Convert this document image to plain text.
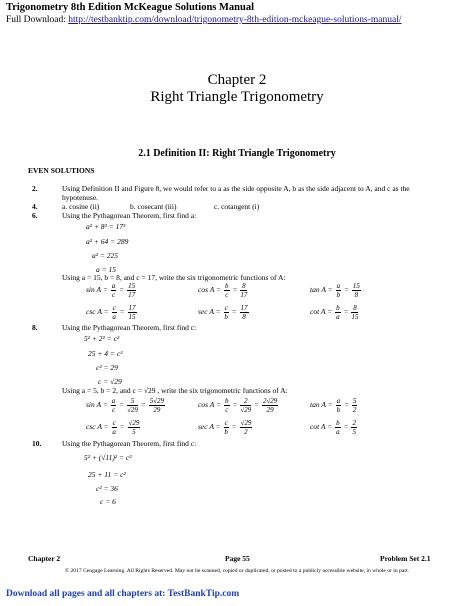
Trigonometry 8th Edition McKeague Solutions Manual
Full Download: http://testbanktip.com/download/trigonometry-8th-edition-mckeague-solutions-manual/
Chapter 2
Right Triangle Trigonometry
2.1 Definition II: Right Triangle Trigonometry
EVEN SOLUTIONS
2.	Using Definition II and Figure 8, we would refer to a as the side opposite A, b as the side adjacent to A, and c as the
hypotenuse.
4.	a. cosine (ii)	b. cosecant (iii)	c. cotangent (i)
6.	Using the Pythagorean Theorem, first find a:
a² + 8² = 17²
a² + 64 = 289
a² = 225
a = 15
Using a = 15, b = 8, and c = 17, write the six trigonometric functions of A:
$\sin A = \frac{a}{c} = \frac{15}{17}$	$\cos A = \frac{b}{c} = \frac{8}{17}$	$\tan A = \frac{a}{b} = \frac{15}{8}$
$\csc A = \frac{c}{a} = \frac{17}{15}$	$\sec A = \frac{c}{b} = \frac{17}{8}$	$\cot A = \frac{b}{a} = \frac{8}{15}$
8.	Using the Pythagorean Theorem, first find c:
5² + 2² = c²
25 + 4 = c²
c² = 29
c = √29
Using a = 5, b = 2, and c = √29 , write the six trigonometric functions of A:
$\sin A = \frac{a}{c} = \frac{5}{√29} = \frac{5√29}{29}$	$\cos A = \frac{b}{c} = \frac{2}{√29} = \frac{2√29}{29}$	$\tan A = \frac{a}{b} = \frac{5}{2}$
$\csc A = \frac{c}{a} = \frac{√29}{5}$	$\sec A = \frac{c}{b} = \frac{√29}{2}$	$\cot A = \frac{b}{a} = \frac{2}{5}$
10.	Using the Pythagorean Theorem, first find c:
5² + (√11)² = c²
25 + 11 = c²
c² = 36
c = 6
Chapter 2	Page 55	Problem Set 2.1
© 2017 Cengage Learning. All Rights Reserved. May not be scanned, copied or duplicated, or posted to a publicly accessible website, in whole or in part.
Download all pages and all chapters at: TestBankTip.com
